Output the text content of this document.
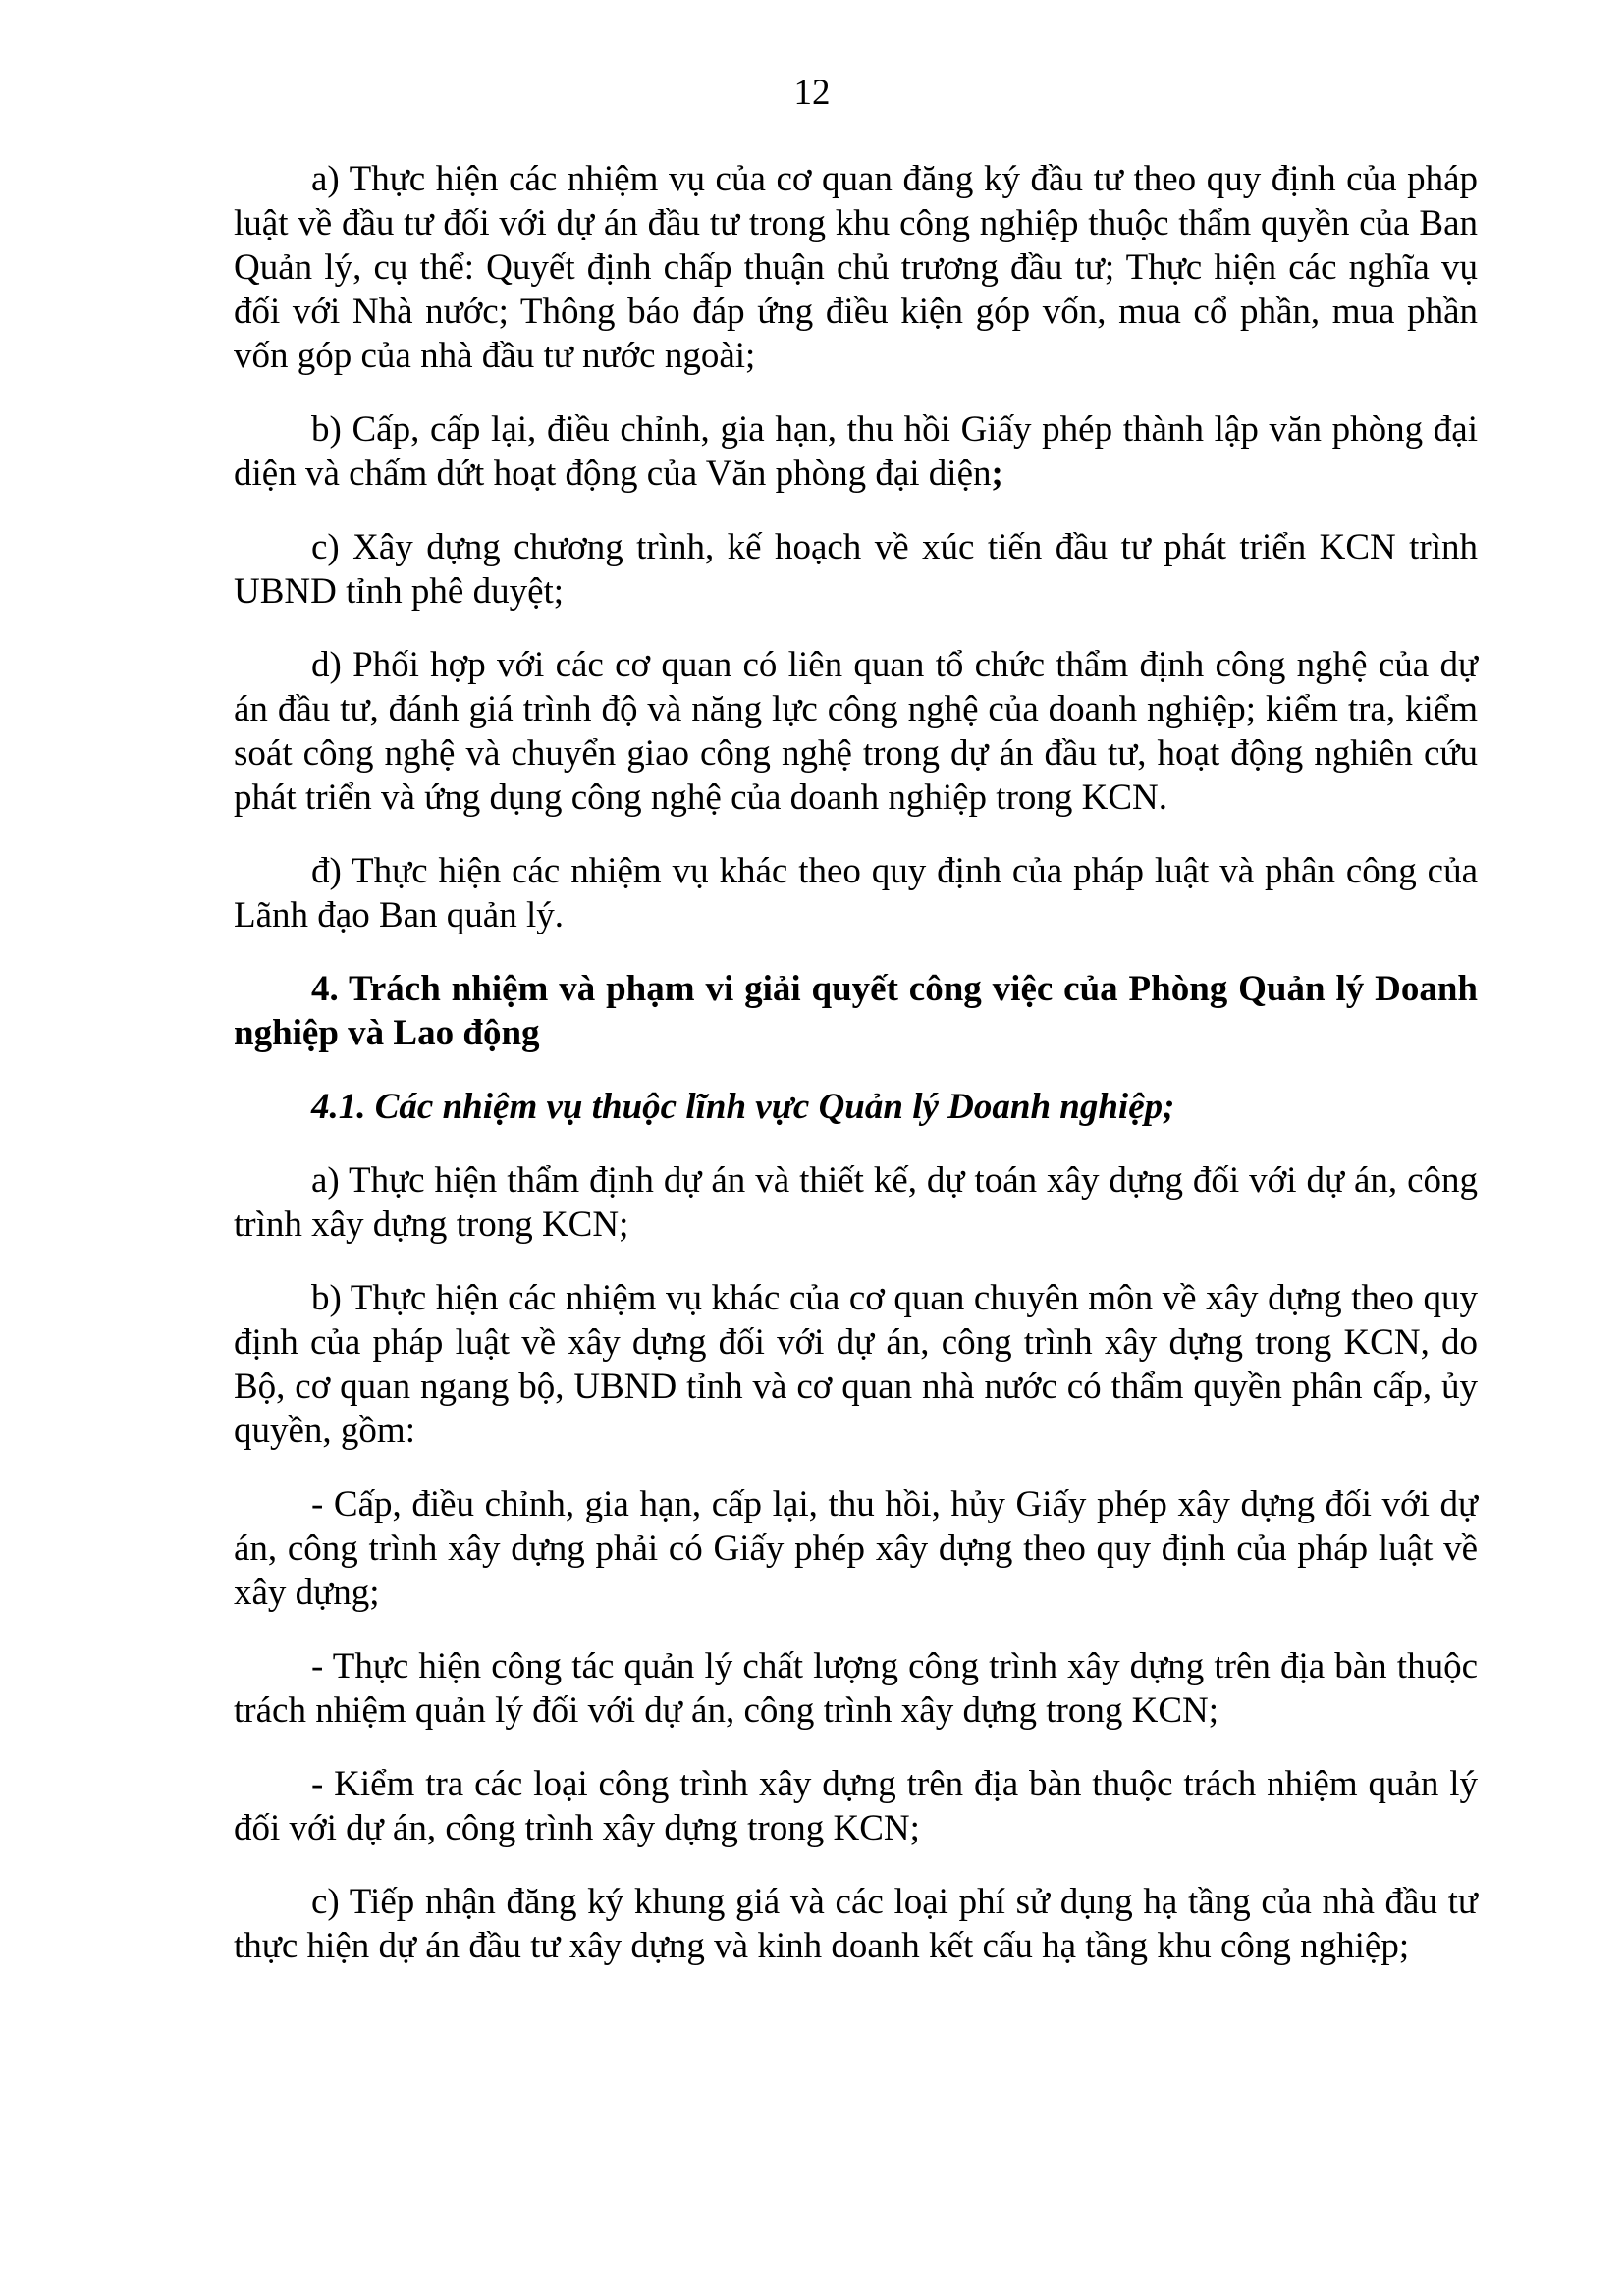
12

a) Thực hiện các nhiệm vụ của cơ quan đăng ký đầu tư theo quy định của pháp luật về đầu tư đối với dự án đầu tư trong khu công nghiệp thuộc thẩm quyền của Ban Quản lý, cụ thể: Quyết định chấp thuận chủ trương đầu tư; Thực hiện các nghĩa vụ đối với Nhà nước; Thông báo đáp ứng điều kiện góp vốn, mua cổ phần, mua phần vốn góp của nhà đầu tư nước ngoài;

b) Cấp, cấp lại, điều chỉnh, gia hạn, thu hồi Giấy phép thành lập văn phòng đại diện và chấm dứt hoạt động của Văn phòng đại diện;

c) Xây dựng chương trình, kế hoạch về xúc tiến đầu tư phát triển KCN trình UBND tỉnh phê duyệt;

d) Phối hợp với các cơ quan có liên quan tổ chức thẩm định công nghệ của dự án đầu tư, đánh giá trình độ và năng lực công nghệ của doanh nghiệp; kiểm tra, kiểm soát công nghệ và chuyển giao công nghệ trong dự án đầu tư, hoạt động nghiên cứu phát triển và ứng dụng công nghệ của doanh nghiệp trong KCN.

đ) Thực hiện các nhiệm vụ khác theo quy định của pháp luật và phân công của Lãnh đạo Ban quản lý.

4. Trách nhiệm và phạm vi giải quyết công việc của Phòng Quản lý Doanh nghiệp và Lao động

4.1. Các nhiệm vụ thuộc lĩnh vực Quản lý Doanh nghiệp;

a) Thực hiện thẩm định dự án và thiết kế, dự toán xây dựng đối với dự án, công trình xây dựng trong KCN;

b) Thực hiện các nhiệm vụ khác của cơ quan chuyên môn về xây dựng theo quy định của pháp luật về xây dựng đối với dự án, công trình xây dựng trong KCN, do Bộ, cơ quan ngang bộ, UBND tỉnh và cơ quan nhà nước có thẩm quyền phân cấp, ủy quyền, gồm:

- Cấp, điều chỉnh, gia hạn, cấp lại, thu hồi, hủy Giấy phép xây dựng đối với dự án, công trình xây dựng phải có Giấy phép xây dựng theo quy định của pháp luật về xây dựng;

- Thực hiện công tác quản lý chất lượng công trình xây dựng trên địa bàn thuộc trách nhiệm quản lý đối với dự án, công trình xây dựng trong KCN;

- Kiểm tra các loại công trình xây dựng trên địa bàn thuộc trách nhiệm quản lý đối với dự án, công trình xây dựng trong KCN;

c) Tiếp nhận đăng ký khung giá và các loại phí sử dụng hạ tầng của nhà đầu tư thực hiện dự án đầu tư xây dựng và kinh doanh kết cấu hạ tầng khu công nghiệp;
